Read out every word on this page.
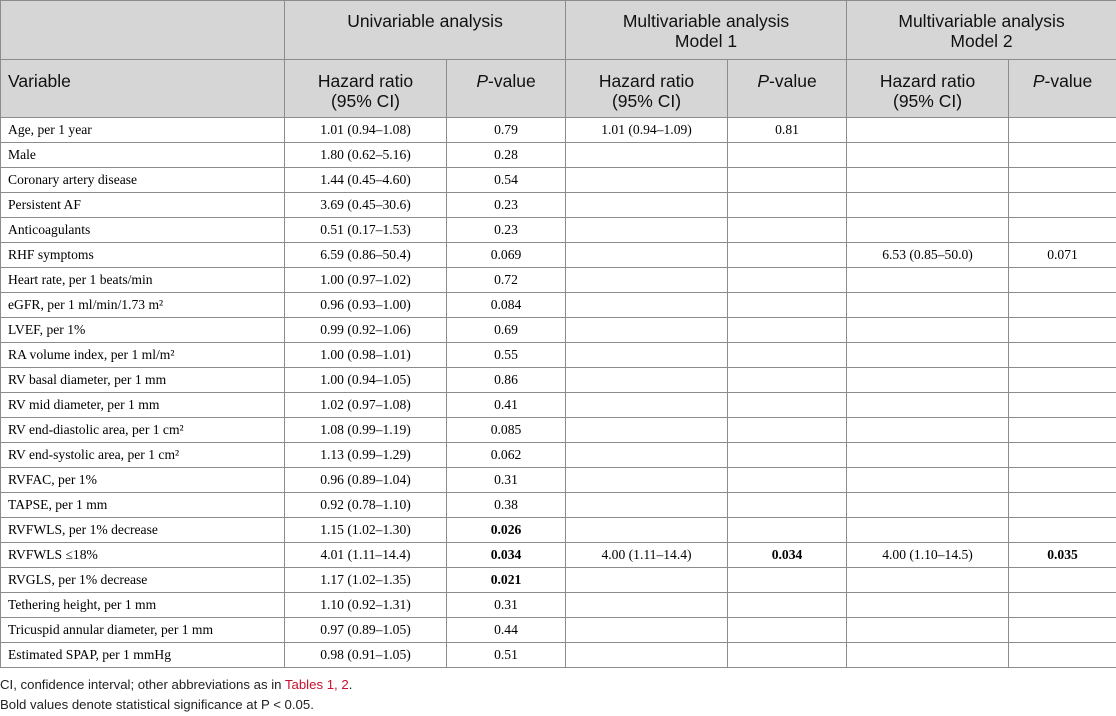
	Univariable analysis		Multivariable analysis Model 1		Multivariable analysis Model 2	
Variable	Hazard ratio (95% CI)	P-value	Hazard ratio (95% CI)	P-value	Hazard ratio (95% CI)	P-value
Age, per 1 year	1.01 (0.94–1.08)	0.79	1.01 (0.94–1.09)	0.81		
Male	1.80 (0.62–5.16)	0.28				
Coronary artery disease	1.44 (0.45–4.60)	0.54				
Persistent AF	3.69 (0.45–30.6)	0.23				
Anticoagulants	0.51 (0.17–1.53)	0.23				
RHF symptoms	6.59 (0.86–50.4)	0.069			6.53 (0.85–50.0)	0.071
Heart rate, per 1 beats/min	1.00 (0.97–1.02)	0.72				
eGFR, per 1 ml/min/1.73 m²	0.96 (0.93–1.00)	0.084				
LVEF, per 1%	0.99 (0.92–1.06)	0.69				
RA volume index, per 1 ml/m²	1.00 (0.98–1.01)	0.55				
RV basal diameter, per 1 mm	1.00 (0.94–1.05)	0.86				
RV mid diameter, per 1 mm	1.02 (0.97–1.08)	0.41				
RV end-diastolic area, per 1 cm²	1.08 (0.99–1.19)	0.085				
RV end-systolic area, per 1 cm²	1.13 (0.99–1.29)	0.062				
RVFAC, per 1%	0.96 (0.89–1.04)	0.31				
TAPSE, per 1 mm	0.92 (0.78–1.10)	0.38				
RVFWLS, per 1% decrease	1.15 (1.02–1.30)	0.026				
RVFWLS ≤18%	4.01 (1.11–14.4)	0.034	4.00 (1.11–14.4)	0.034	4.00 (1.10–14.5)	0.035
RVGLS, per 1% decrease	1.17 (1.02–1.35)	0.021				
Tethering height, per 1 mm	1.10 (0.92–1.31)	0.31				
Tricuspid annular diameter, per 1 mm	0.97 (0.89–1.05)	0.44				
Estimated SPAP, per 1 mmHg	0.98 (0.91–1.05)	0.51				
CI, confidence interval; other abbreviations as in Tables 1, 2.
Bold values denote statistical significance at P < 0.05.
